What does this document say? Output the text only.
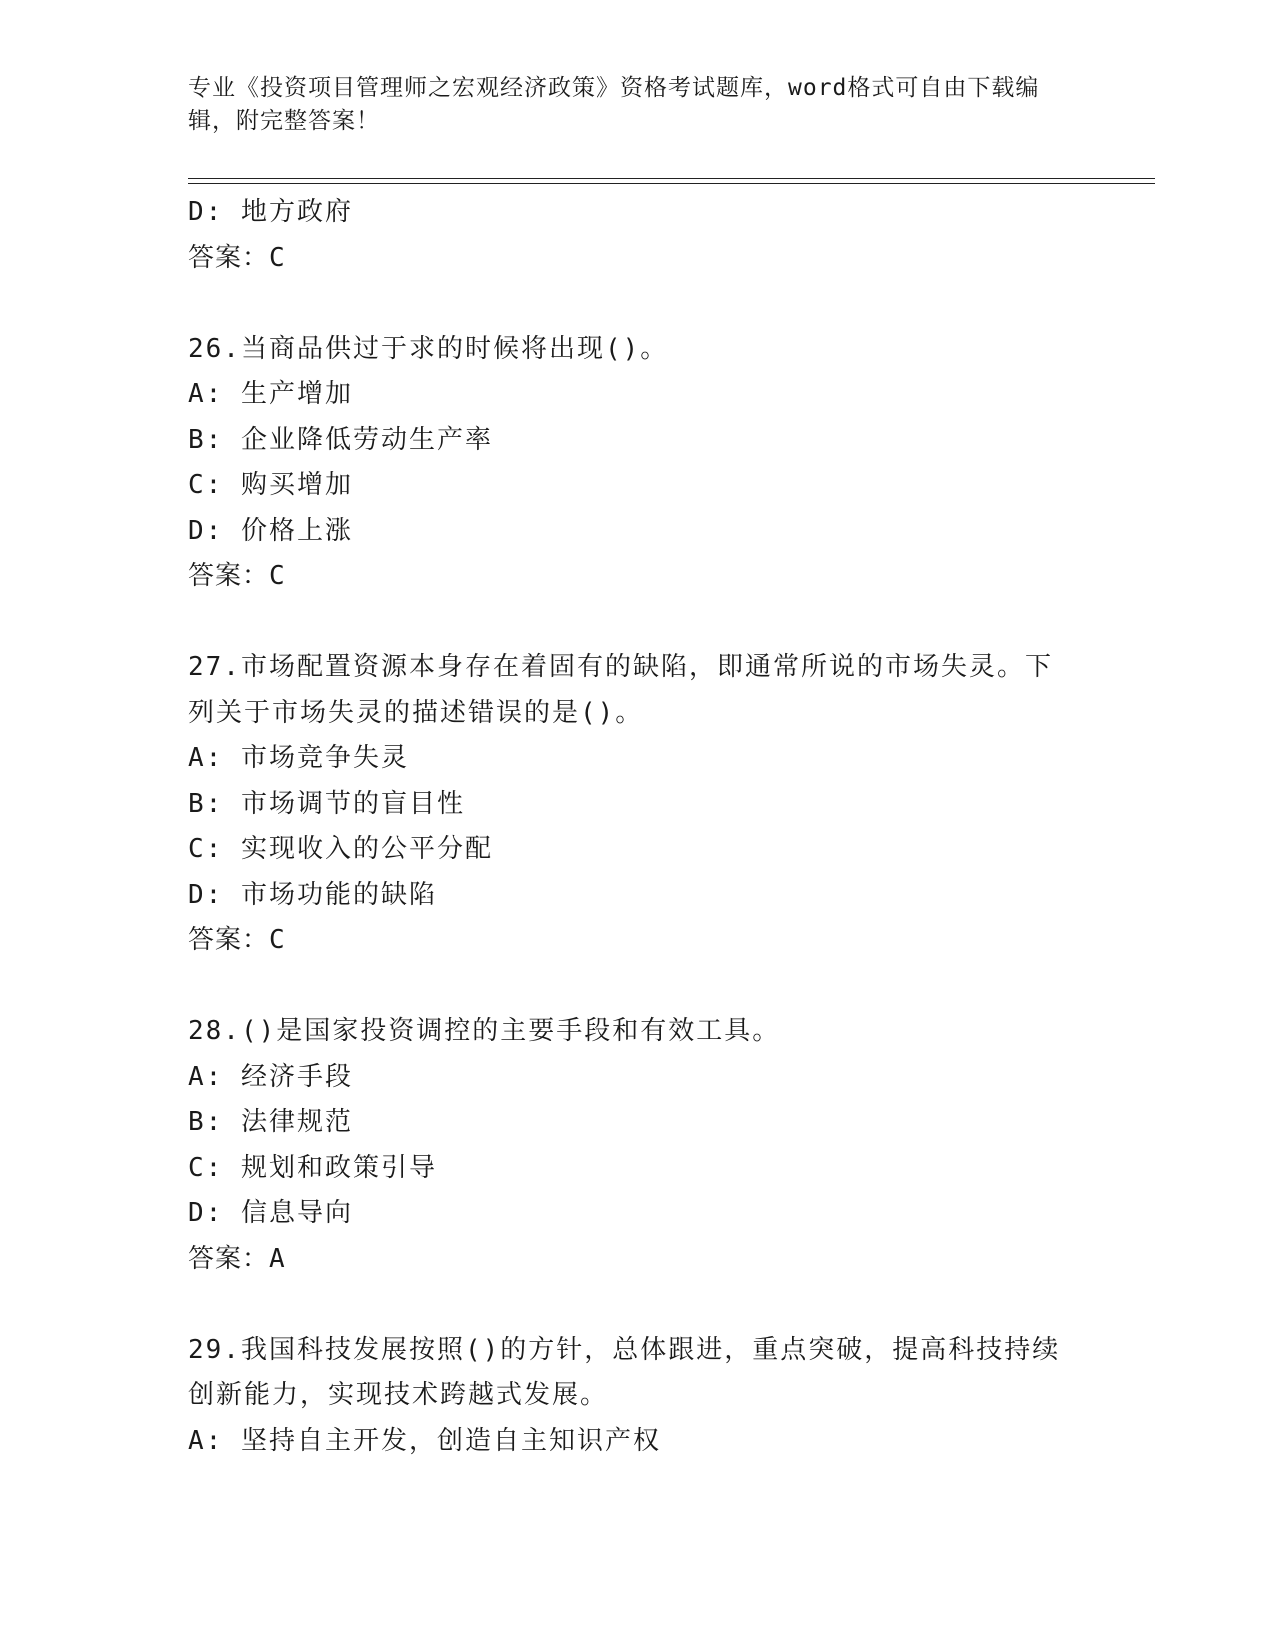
专业《投资项目管理师之宏观经济政策》资格考试题库，word格式可自由下载编
辑，附完整答案！
D: 地方政府
答案：C
26.当商品供过于求的时候将出现()。
A: 生产增加
B: 企业降低劳动生产率
C: 购买增加
D: 价格上涨
答案：C
27.市场配置资源本身存在着固有的缺陷，即通常所说的市场失灵。下
列关于市场失灵的描述错误的是()。
A: 市场竞争失灵
B: 市场调节的盲目性
C: 实现收入的公平分配
D: 市场功能的缺陷
答案：C
28.()是国家投资调控的主要手段和有效工具。
A: 经济手段
B: 法律规范
C: 规划和政策引导
D: 信息导向
答案：A
29.我国科技发展按照()的方针，总体跟进，重点突破，提高科技持续
创新能力，实现技术跨越式发展。
A: 坚持自主开发，创造自主知识产权
